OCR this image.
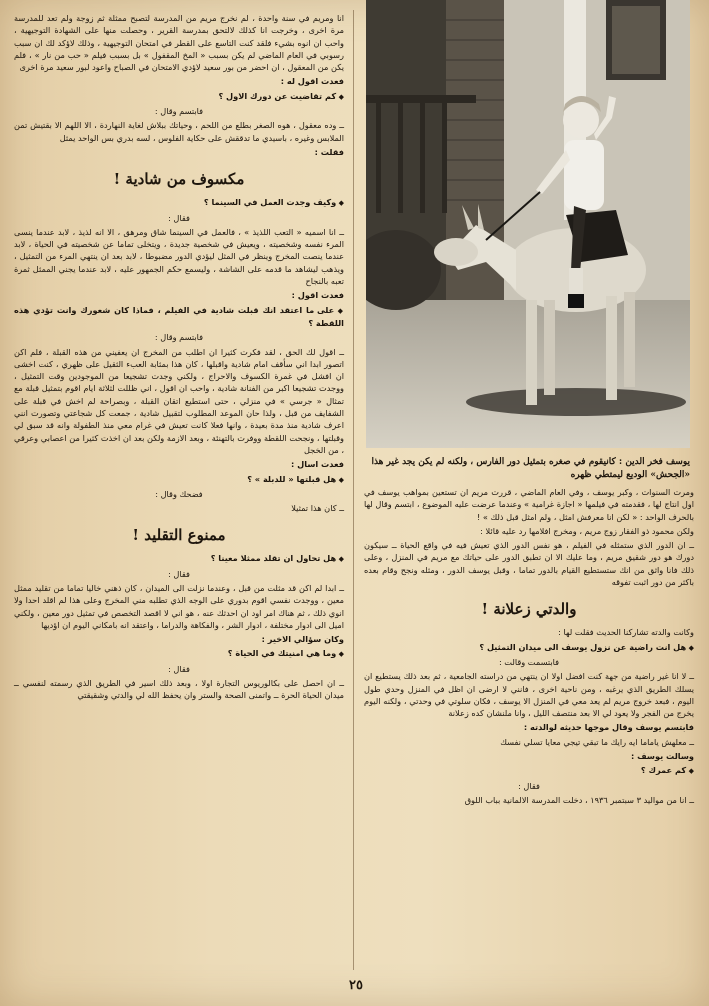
انا ومريم في سنة واحدة ، لم نخرج مريم من المدرسة لتصبح ممثلة ثم زوجة ولم تعد للمدرسة مرة اخرى ، وخرجت انا كذلك لالتحق بمدرسة القرير ، وحصلت منها على الشهادة التوجيهية ، واحب ان انوه بشيء فلقد كنت التاسع على القطر في امتحان التوجيهية ، وذلك لاؤكد لك ان سبب رسوبي في العام الماضي لم يكن بسبب « المخ المقفول » بل بسبب فيلم « حب من نار » ، فلم يكن من المعقول ، ان احضر من بور سعيد لاؤدي الامتحان في الصباح واعود لبور سعيد مرة اخرى

فعدت اقول له :

◆ كم تقاضيت عن دورك الاول ؟

فابتسم وقال :

ــ وده معقول ، هوه الصغر بطلع من اللحم ، وحياتك ببلاش لغاية النهاردة ، الا اللهم الا بقتيش تمن الملابس وغيره ، باسيدي ما تدققش على حكاية الفلوس ، لسه بدري بس الواحد يمثل

فقلت :

مكسوف من شادية !

◆ وكيف وجدت العمل في السينما ؟

فقال :

ــ انا اسميه « التعب اللذيذ » ، فالعمل في السينما شاق ومرهق ، الا انه لذيذ ، لابد عندما ينسى المرء نفسه وشخصيته ، ويعيش في شخصية جديدة ، ويتخلى تماما عن شخصيته في الحياة ، لابد عندما ينصت المخرج وينظر في المثل ليؤدي الدور مضبوطا ، لابد بعد ان ينتهي المرء من التمثيل ، ويذهب ليشاهد ما قدمه على الشاشة ، وليسمع حكم الجمهور عليه ، لابد عندما يجني الممثل ثمرة تعبه بالنجاح

فعدت اقول :

◆ على ما اعتقد انك قبلت شادية في الفيلم ، فماذا كان شعورك وانت تؤدي هذه اللقطة ؟

فابتسم وقال :

ــ اقول لك الحق ، لقد فكرت كثيرا ان اطلب من المخرج ان يعفيني من هذه القبلة ، فلم اكن اتصور ابدا اني سأقف امام شادية واقبلها ، كان هذا بمثابة العبء الثقيل على ظهري ، كنت اخشى ان افشل في غمرة الكسوف والاحراج ، ولكني وجدت تشجيعا من الموجودين وقت التمثيل ، ووجدت تشجيعا اكبر من الفنانة شادية ، واحب ان اقول ، اني ظللت لثلاثة ايام اقوم بتمثيل قبلة مع تمثال « جرسي » في منزلي ، حتى استطيع اتقان القبلة ، وبصراحة لم اخش في قبلة على الشفايف من قبل ، ولذا حان الموعد المطلوب لتقبيل شادية ، جمعت كل شجاعتي وتصورت انني اعرف شادية منذ مدة بعيدة ، وانها فعلا كانت تعيش في غرام معي منذ الطفولة وانه قد سبق لي وقبلتها ، ونجحت اللقطة ووفرت بالتهنئة ، وبعد الازمة ولكن بعد ان اخذت كثيرا من اعصابي وعرقي ، من الخجل

فعدت اسال :

◆ هل قبلتها « للدبلة » ؟

فضحك وقال :

ــ كان هذا تمثيلا

ممنوع التقليد !

◆ هل تحاول ان تقلد ممثلا معينا ؟

فقال :

ــ ابدا لم اكن قد مثلت من قبل ، وعندما نزلت الى الميدان ، كان ذهني خاليا تماما من تقليد ممثل معين ، ووجدت نفسي اقوم بدوري على الوجه الذي تطلبه مني المخرج وعلى هذا لم اقلد احدا ولا انوي ذلك ، ثم هناك امر اود ان احدثك عنه ، هو اني لا اقصد التخصص في تمثيل دور معين ، ولكني اميل الى ادوار مختلفة ، ادوار الشر ، والفكاهة والدراما ، واعتقد انه بامكاني اليوم ان اؤديها

وكان سؤالي الاخير :

◆ وما هي امنيتك في الحياة ؟

فقال :

ــ ان احصل على بكالوريوس التجارة اولا ، وبعد ذلك اسير في الطريق الذي رسمته لنفسي ــ ميدان الحياة الحرة ــ واتمنى الصحة والستر وان يحفظ الله لي والدتي وشقيقتي

يوسف فخر الدين : كانيقوم في صغره بتمثيل دور الفارس ، ولكنه لم يكن يجد غير هذا «الجحش» الوديع ليمتطي ظهره

ومرت السنوات ، وكبر يوسف ، وفي العام الماضي ، قررت مريم ان تستعين بمواهب يوسف في اول انتاج لها ، فقدمته في فيلمها « اجازة غرامية » وعندما عرضت عليه الموضوع ، ابتسم وقال لها بالحرف الواحد : « لكن انا معرفش امثل ، ولم امثل قبل ذلك » !

ولكن محمود ذو الفقار زوج مريم ، ومخرج افلامها رد عليه قائلا :

ــ ان الدور الذي ستمثله في الفيلم ، هو نفس الدور الذي تعيش فيه في واقع الحياة ــ سيكون دورك هو دور شقيق مريم ، وما عليك الا ان تطبق الدور على حياتك مع مريم في المنزل ، وعلى ذلك فانا واثق من انك ستستطيع القيام بالدور تماما ، وقبل يوسف الدور ، ومثله ونجح وقام بعده باكثر من دور اثبت تفوقه

والدتي زعلانة !

وكانت والدته تشاركنا الحديث فقلت لها :

◆ هل انت راضية عن نزول يوسف الى ميدان التمثيل ؟

فابتسمت وقالت :

ــ لا انا غير راضية من جهة كنت افضل اولا ان ينتهي من دراسته الجامعية ، ثم بعد ذلك يستطيع ان يسلك الطريق الذي يرغبه ، ومن ناحية اخرى ، فانني لا ارضى ان اظل في المنزل وحدي طول اليوم ، فبعد خروج مريم لم يعد معي في المنزل الا يوسف ، فكان سلوتي في وحدتي ، ولكنه اليوم يخرج من الفجر ولا يعود لي الا بعد منتصف الليل ، وانا ملنشان كده زعلانة

فابتسم يوسف وقال موجها حديثه لوالدته :

ــ معلهش ياماما ايه رايك ما تبقي تيجي معايا تسلي نفسك

وسالت يوسف :

◆ كم عمرك ؟

فقال :

ــ انا من مواليد ٣ سبتمبر ١٩٣٦ ، دخلت المدرسة الالمانية بباب اللوق

٢٥
